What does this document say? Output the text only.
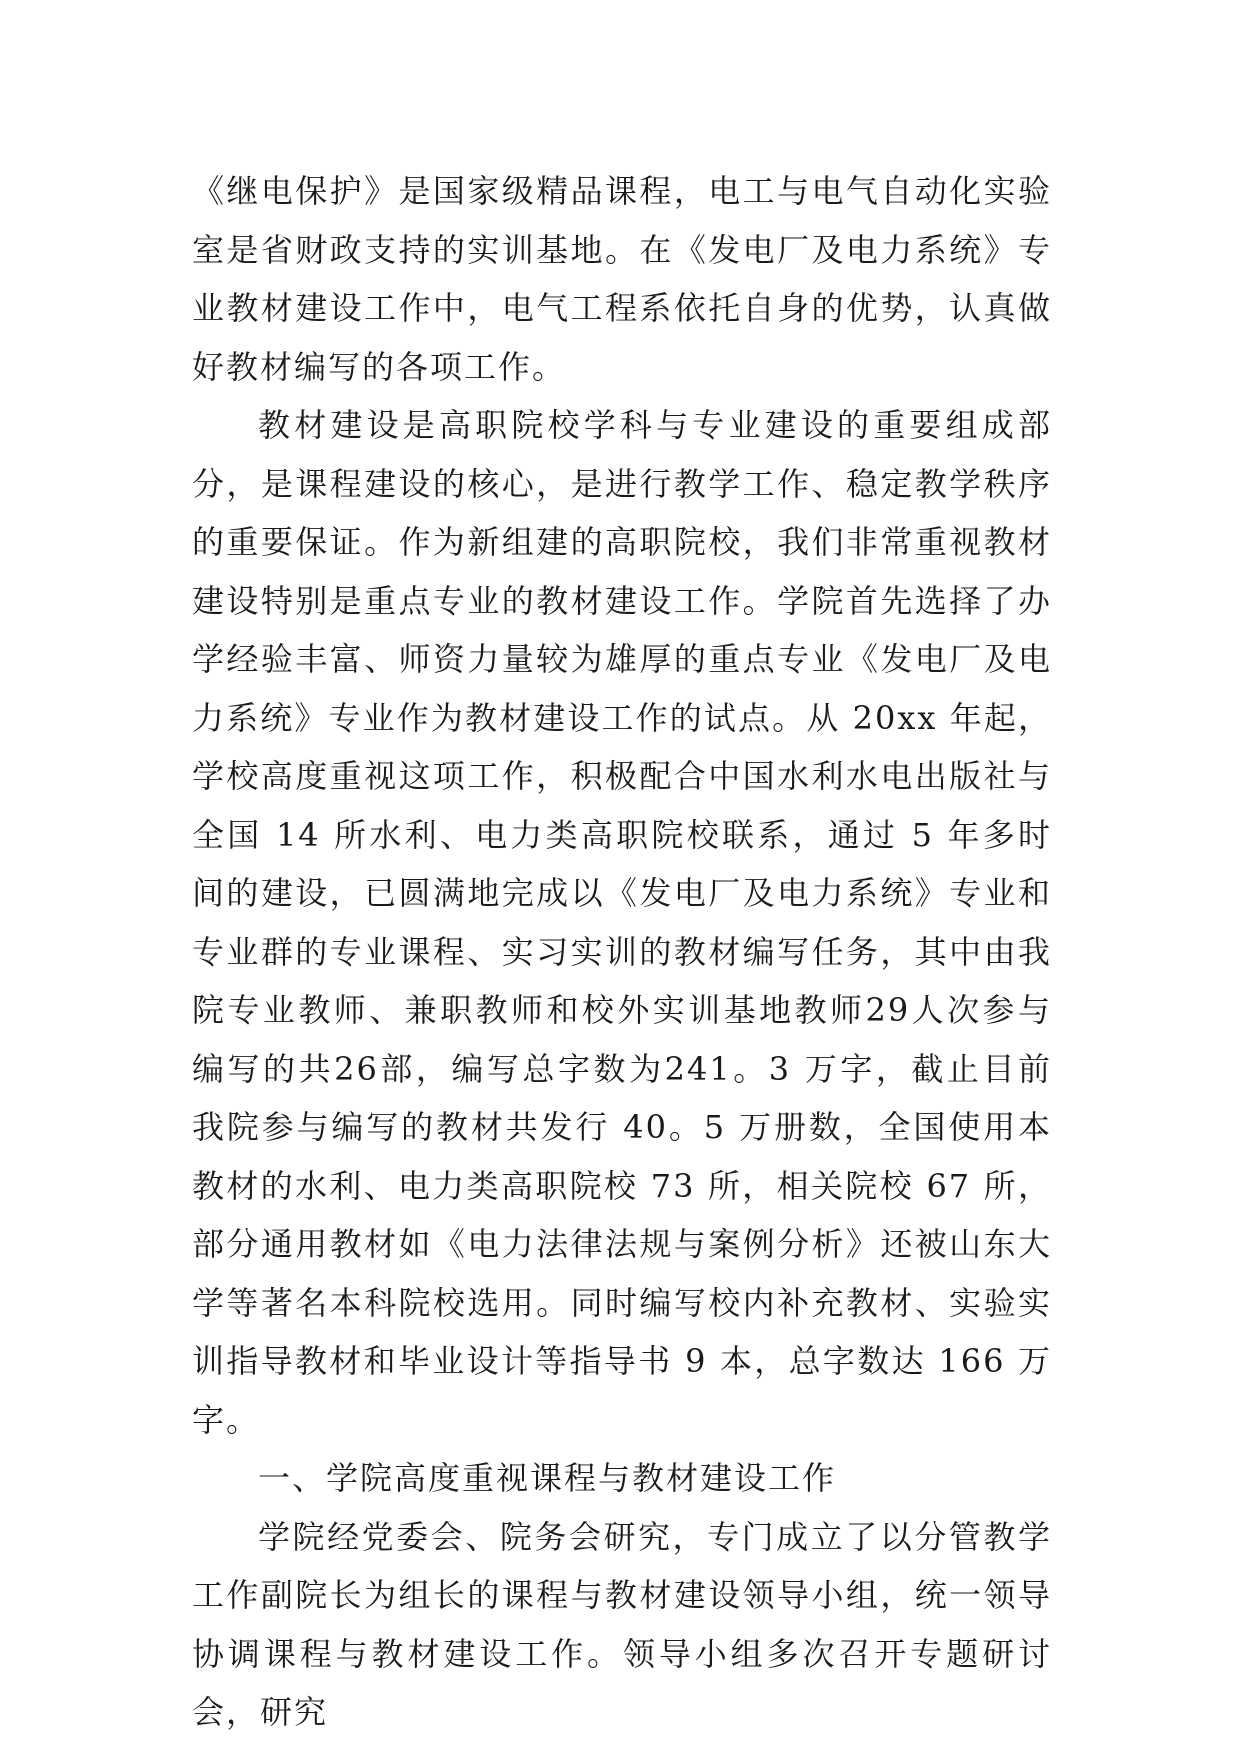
《继电保护》是国家级精品课程，电工与电气自动化实验室是省财政支持的实训基地。在《发电厂及电力系统》专业教材建设工作中，电气工程系依托自身的优势，认真做好教材编写的各项工作。

教材建设是高职院校学科与专业建设的重要组成部分，是课程建设的核心，是进行教学工作、稳定教学秩序的重要保证。作为新组建的高职院校，我们非常重视教材建设特别是重点专业的教材建设工作。学院首先选择了办学经验丰富、师资力量较为雄厚的重点专业《发电厂及电力系统》专业作为教材建设工作的试点。从 20xx 年起，学校高度重视这项工作，积极配合中国水利水电出版社与全国 14 所水利、电力类高职院校联系，通过 5 年多时间的建设，已圆满地完成以《发电厂及电力系统》专业和专业群的专业课程、实习实训的教材编写任务，其中由我院专业教师、兼职教师和校外实训基地教师29人次参与编写的共26部，编写总字数为241。3 万字，截止目前我院参与编写的教材共发行 40。5 万册数，全国使用本教材的水利、电力类高职院校 73 所，相关院校 67 所，部分通用教材如《电力法律法规与案例分析》还被山东大学等著名本科院校选用。同时编写校内补充教材、实验实训指导教材和毕业设计等指导书 9 本，总字数达 166 万字。

一、学院高度重视课程与教材建设工作

学院经党委会、院务会研究，专门成立了以分管教学工作副院长为组长的课程与教材建设领导小组，统一领导协调课程与教材建设工作。领导小组多次召开专题研讨会，研究
